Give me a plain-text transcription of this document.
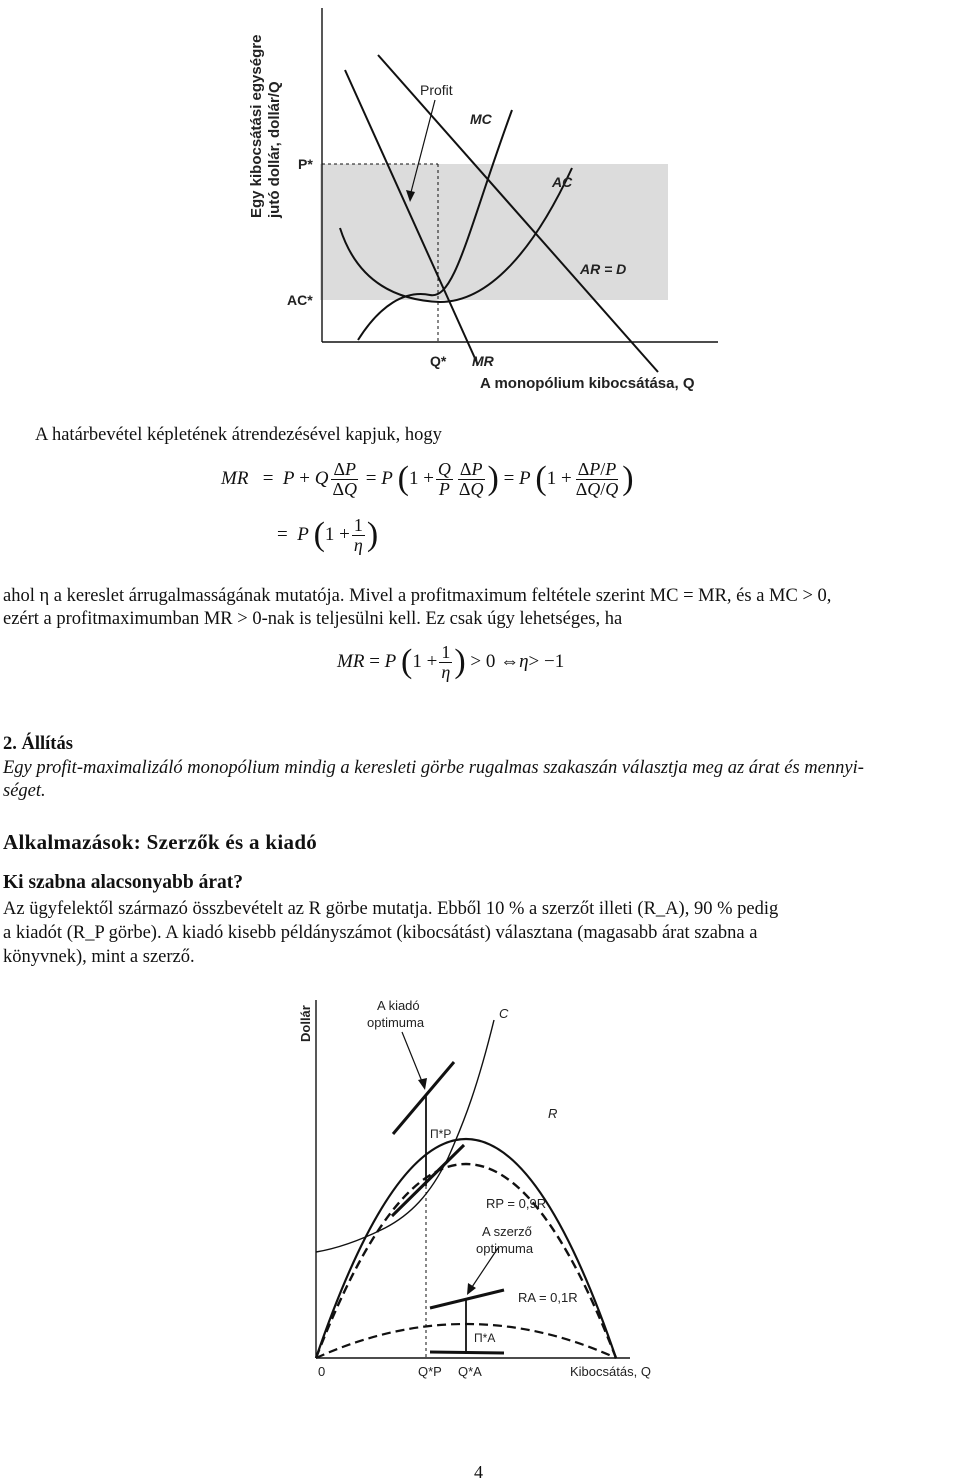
Egy kibocsátási egységre jutó dollár, dollár/Q	Profit
MC
AC
AR = D
P*
AC*
Q* MR
A monopólium kibocsátása, Q
A határbevétel képletének átrendezésével kapjuk, hogy
MR = P + Q $\frac{\Delta P}{\Delta Q} = P$
( $1 + \frac{Q}{P} \frac{\Delta P}{\Delta Q}$ ) = P
( $1 + \frac{\Delta P/P}{\Delta Q/Q}$ )
= P
( $1 + \frac{1}{\eta}$ )
ahol η a kereslet árrugalmasságának mutatója. Mivel a profitmaximum feltétele szerint MC = MR, és a MC > 0,
ezért a profitmaximumban MR > 0-nak is teljesülni kell. Ez csak úgy lehetséges, ha
MR = P
( $1 + \frac{1}{\eta}$ ) > 0 ⇔ η > −1
2. Állítás
Egy profit-maximalizáló monopólium mindig a keresleti görbe rugalmas szakaszán választja meg az árat és mennyi-
séget.
Alkalmazások: Szerzők és a kiadó
Ki szabna alacsonyabb árat?
Az ügyfelektől származó összbevételt az R görbe mutatja. Ebből 10 % a szerzőt illeti (R_A), 90 % pedig
a kiadót (R_P görbe). A kiadó kisebb példányszámot (kibocsátást) választana (magasabb árat szabna a
könyvnek), mint a szerző.
Dollár	A kiadó
optimuma
C
R
Π*P
RP = 0,9R
A szerző
optimuma
RA = 0,1R
Π*A
0	Q*P Q*A	Kibocsátás, Q
4
